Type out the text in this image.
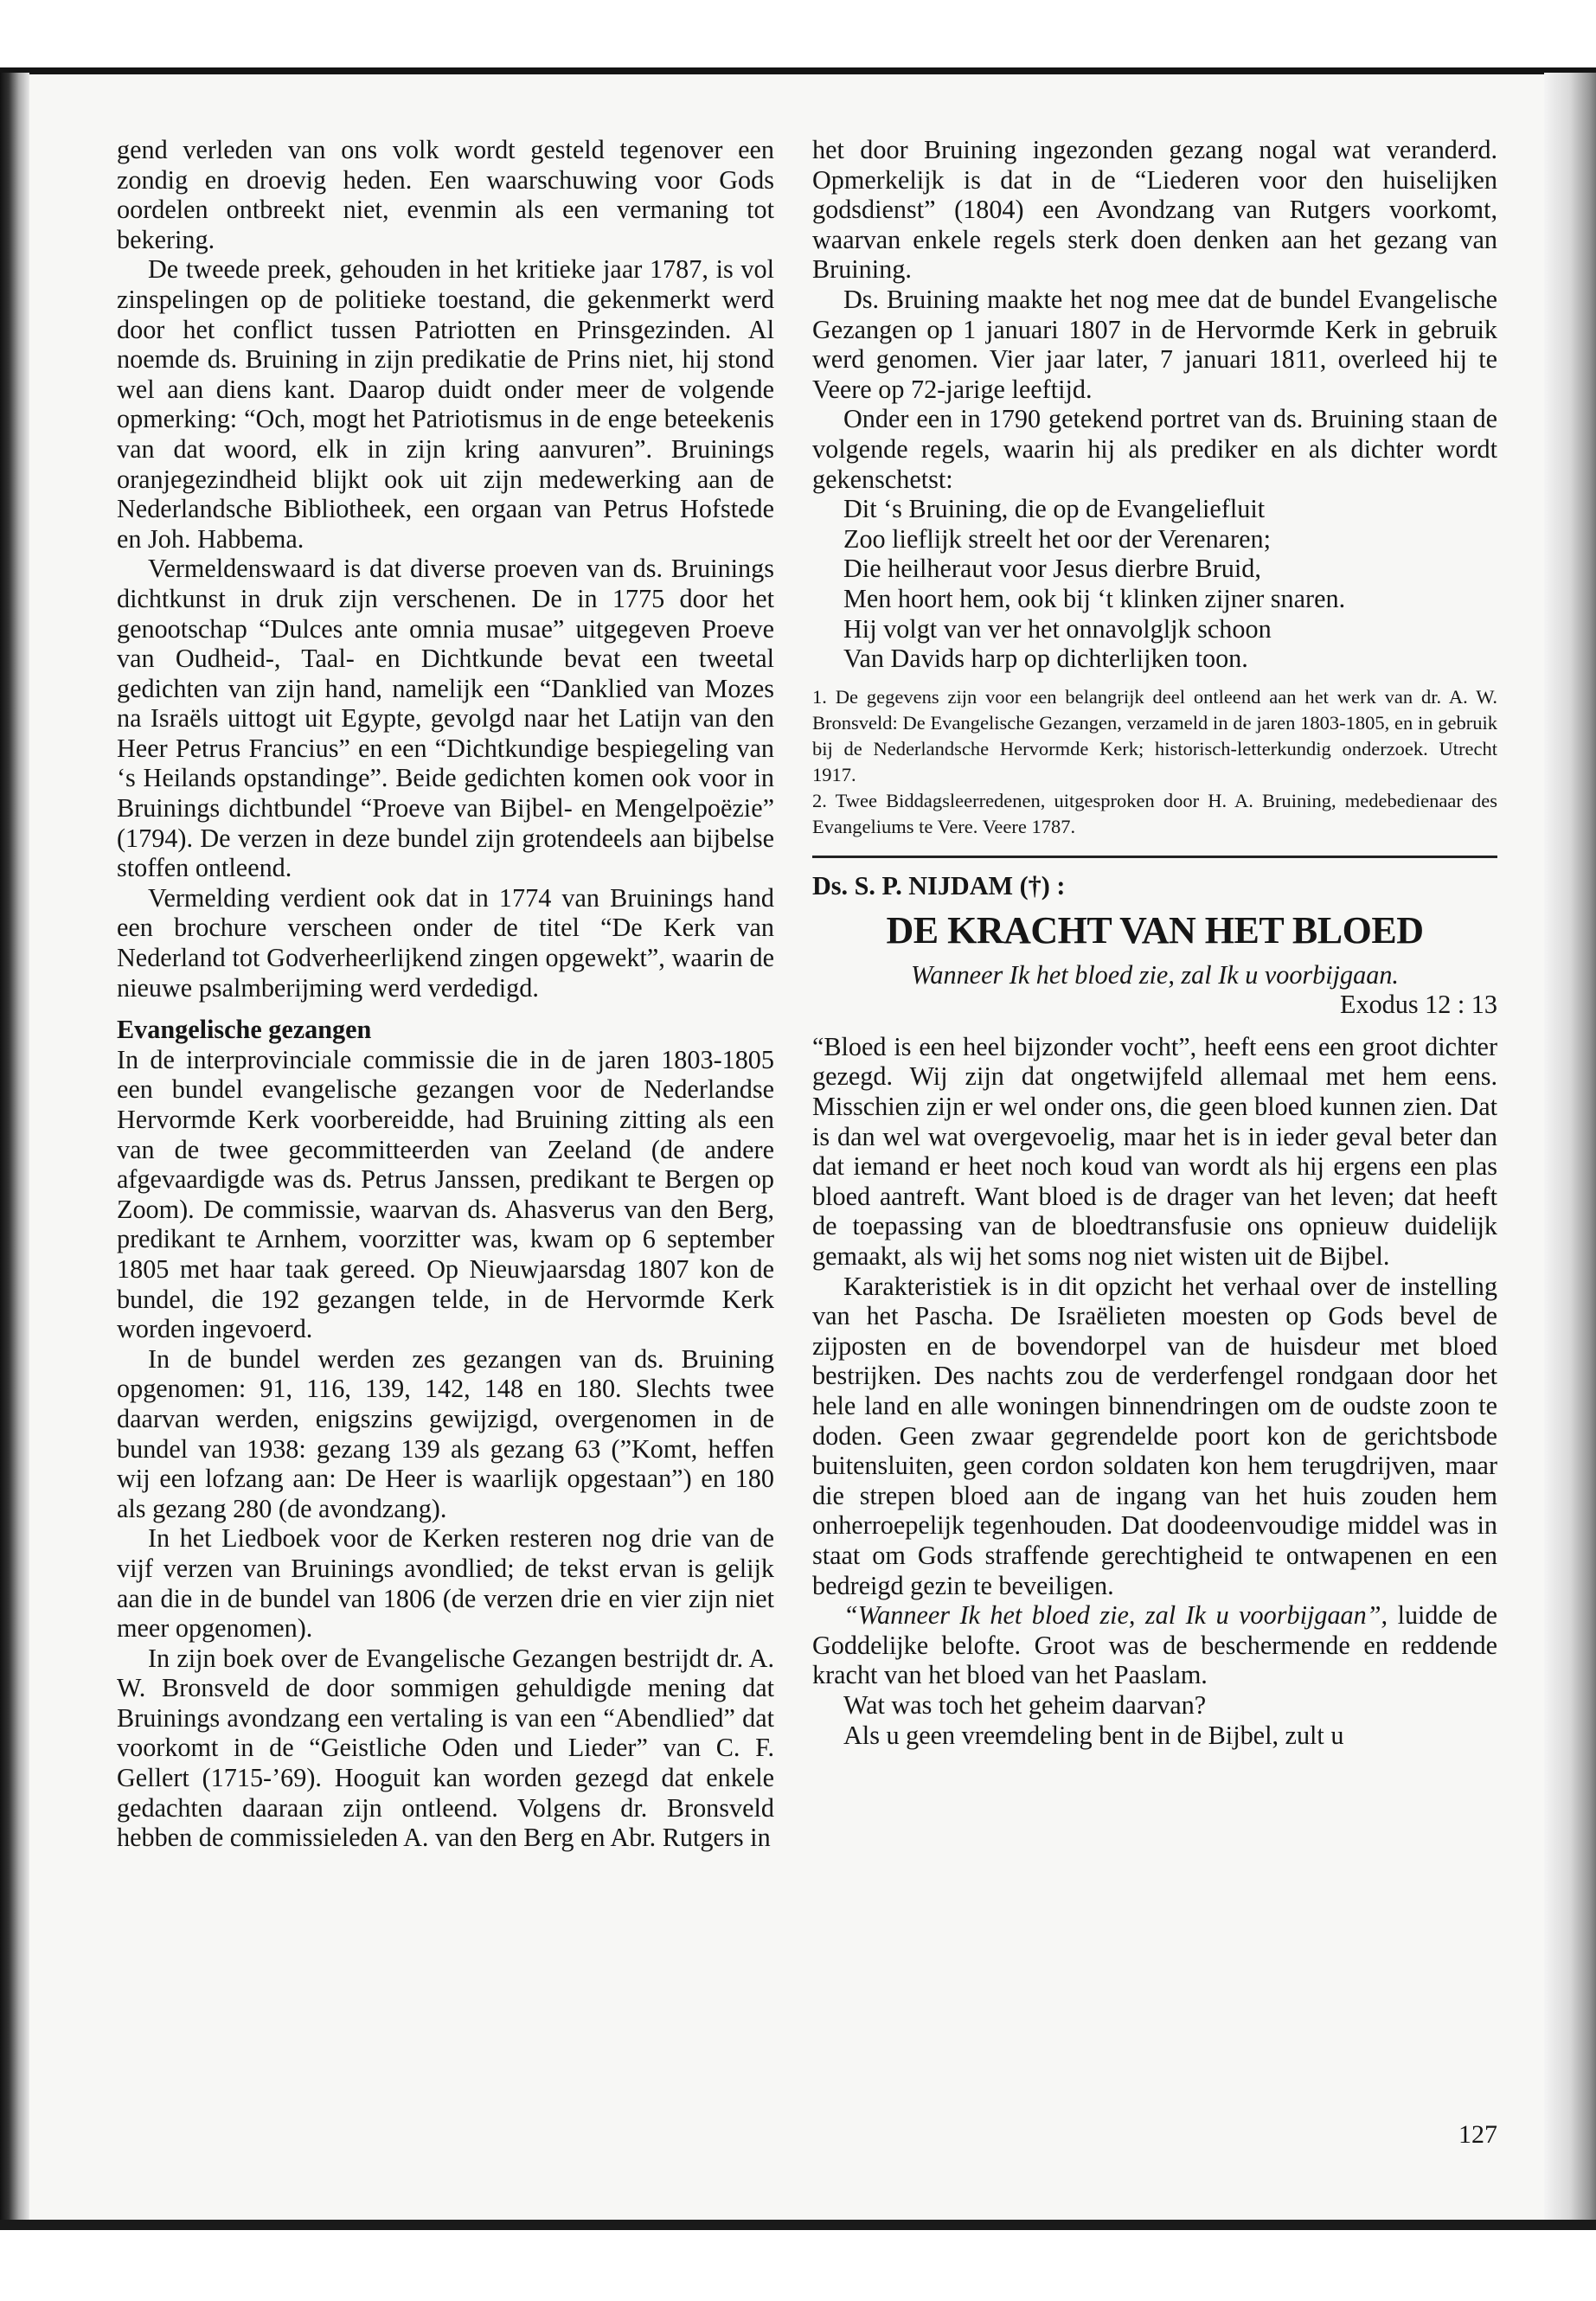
gend verleden van ons volk wordt gesteld tegenover een zondig en droevig heden. Een waarschuwing voor Gods oordelen ontbreekt niet, evenmin als een vermaning tot bekering.

De tweede preek, gehouden in het kritieke jaar 1787, is vol zinspelingen op de politieke toestand, die gekenmerkt werd door het conflict tussen Patriotten en Prinsgezinden. Al noemde ds. Bruining in zijn predikatie de Prins niet, hij stond wel aan diens kant. Daarop duidt onder meer de volgende opmerking: “Och, mogt het Patriotismus in de enge beteekenis van dat woord, elk in zijn kring aanvuren”. Bruinings oranjegezindheid blijkt ook uit zijn medewerking aan de Nederlandsche Bibliotheek, een orgaan van Petrus Hofstede en Joh. Habbema.

Vermeldenswaard is dat diverse proeven van ds. Bruinings dichtkunst in druk zijn verschenen. De in 1775 door het genootschap “Dulces ante omnia musae” uitgegeven Proeve van Oudheid-, Taal- en Dichtkunde bevat een tweetal gedichten van zijn hand, namelijk een “Danklied van Mozes na Israëls uittogt uit Egypte, gevolgd naar het Latijn van den Heer Petrus Francius” en een “Dichtkundige bespiegeling van ‘s Heilands opstandinge”. Beide gedichten komen ook voor in Bruinings dichtbundel “Proeve van Bijbel- en Mengelpoëzie” (1794). De verzen in deze bundel zijn grotendeels aan bijbelse stoffen ontleend.

Vermelding verdient ook dat in 1774 van Bruinings hand een brochure verscheen onder de titel “De Kerk van Nederland tot Godverheerlijkend zingen opgewekt”, waarin de nieuwe psalmberijming werd verdedigd.

Evangelische gezangen

In de interprovinciale commissie die in de jaren 1803-1805 een bundel evangelische gezangen voor de Nederlandse Hervormde Kerk voorbereidde, had Bruining zitting als een van de twee gecommitteerden van Zeeland (de andere afgevaardigde was ds. Petrus Janssen, predikant te Bergen op Zoom). De commissie, waarvan ds. Ahasverus van den Berg, predikant te Arnhem, voorzitter was, kwam op 6 september 1805 met haar taak gereed. Op Nieuwjaarsdag 1807 kon de bundel, die 192 gezangen telde, in de Hervormde Kerk worden ingevoerd.

In de bundel werden zes gezangen van ds. Bruining opgenomen: 91, 116, 139, 142, 148 en 180. Slechts twee daarvan werden, enigszins gewijzigd, overgenomen in de bundel van 1938: gezang 139 als gezang 63 (”Komt, heffen wij een lofzang aan: De Heer is waarlijk opgestaan”) en 180 als gezang 280 (de avondzang).

In het Liedboek voor de Kerken resteren nog drie van de vijf verzen van Bruinings avondlied; de tekst ervan is gelijk aan die in de bundel van 1806 (de verzen drie en vier zijn niet meer opgenomen).

In zijn boek over de Evangelische Gezangen bestrijdt dr. A. W. Bronsveld de door sommigen gehuldigde mening dat Bruinings avondzang een vertaling is van een “Abendlied” dat voorkomt in de “Geistliche Oden und Lieder” van C. F. Gellert (1715-’69). Hooguit kan worden gezegd dat enkele gedachten daaraan zijn ontleend. Volgens dr. Bronsveld hebben de commissieleden A. van den Berg en Abr. Rutgers in

het door Bruining ingezonden gezang nogal wat veranderd. Opmerkelijk is dat in de “Liederen voor den huiselijken godsdienst” (1804) een Avondzang van Rutgers voorkomt, waarvan enkele regels sterk doen denken aan het gezang van Bruining.

Ds. Bruining maakte het nog mee dat de bundel Evangelische Gezangen op 1 januari 1807 in de Hervormde Kerk in gebruik werd genomen. Vier jaar later, 7 januari 1811, overleed hij te Veere op 72-jarige leeftijd.

Onder een in 1790 getekend portret van ds. Bruining staan de volgende regels, waarin hij als prediker en als dichter wordt gekenschetst:

Dit ‘s Bruining, die op de Evangeliefluit
Zoo lieflijk streelt het oor der Verenaren;
Die heilheraut voor Jesus dierbre Bruid,
Men hoort hem, ook bij ‘t klinken zijner snaren.
Hij volgt van ver het onnavolgljk schoon
Van Davids harp op dichterlijken toon.

1. De gegevens zijn voor een belangrijk deel ontleend aan het werk van dr. A. W. Bronsveld: De Evangelische Gezangen, verzameld in de jaren 1803-1805, en in gebruik bij de Nederlandsche Hervormde Kerk; historisch-letterkundig onderzoek. Utrecht 1917.

2. Twee Biddagsleerredenen, uitgesproken door H. A. Bruining, medebedienaar des Evangeliums te Vere. Veere 1787.

Ds. S. P. NIJDAM (†) :
DE KRACHT VAN HET BLOED
Wanneer Ik het bloed zie, zal Ik u voorbijgaan.
Exodus 12 : 13

“Bloed is een heel bijzonder vocht”, heeft eens een groot dichter gezegd. Wij zijn dat ongetwijfeld allemaal met hem eens. Misschien zijn er wel onder ons, die geen bloed kunnen zien. Dat is dan wel wat overgevoelig, maar het is in ieder geval beter dan dat iemand er heet noch koud van wordt als hij ergens een plas bloed aantreft. Want bloed is de drager van het leven; dat heeft de toepassing van de bloedtransfusie ons opnieuw duidelijk gemaakt, als wij het soms nog niet wisten uit de Bijbel.

Karakteristiek is in dit opzicht het verhaal over de instelling van het Pascha. De Israëlieten moesten op Gods bevel de zijposten en de bovendorpel van de huisdeur met bloed bestrijken. Des nachts zou de verderfengel rondgaan door het hele land en alle woningen binnendringen om de oudste zoon te doden. Geen zwaar gegrendelde poort kon de gerichtsbode buitensluiten, geen cordon soldaten kon hem terugdrijven, maar die strepen bloed aan de ingang van het huis zouden hem onherroepelijk tegenhouden. Dat doodeenvoudige middel was in staat om Gods straffende gerechtigheid te ontwapenen en een bedreigd gezin te beveiligen.

“Wanneer Ik het bloed zie, zal Ik u voorbijgaan”, luidde de Goddelijke belofte. Groot was de beschermende en reddende kracht van het bloed van het Paaslam.

Wat was toch het geheim daarvan?

Als u geen vreemdeling bent in de Bijbel, zult u

127
